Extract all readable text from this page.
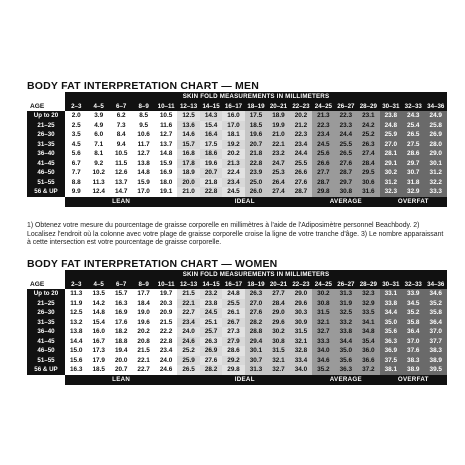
BODY FAT INTERPRETATION CHART — MEN
	SKIN FOLD MEASUREMENTS IN MILLIMETERS																
AGE	2–3	4–5	6–7	8–9	10–11	12–13	14–15	16–17	18–19	20–21	22–23	24–25	26–27	28–29	30–31	32–33	34–36
Up to 20	2.0	3.9	6.2	8.5	10.5	12.5	14.3	16.0	17.5	18.9	20.2	21.3	22.3	23.1	23.8	24.3	24.9
21–25	2.5	4.9	7.3	9.5	11.6	13.6	15.4	17.0	18.5	19.9	21.2	22.3	23.3	24.2	24.8	25.4	25.8
26–30	3.5	6.0	8.4	10.6	12.7	14.6	16.4	18.1	19.6	21.0	22.3	23.4	24.4	25.2	25.9	26.5	26.9
31–35	4.5	7.1	9.4	11.7	13.7	15.7	17.5	19.2	20.7	22.1	23.4	24.5	25.5	26.3	27.0	27.5	28.0
36–40	5.6	8.1	10.5	12.7	14.8	16.8	18.6	20.2	21.8	23.2	24.4	25.6	26.5	27.4	28.1	28.6	29.0
41–45	6.7	9.2	11.5	13.8	15.9	17.8	19.6	21.3	22.8	24.7	25.5	26.6	27.6	28.4	29.1	29.7	30.1
46–50	7.7	10.2	12.6	14.8	16.9	18.9	20.7	22.4	23.9	25.3	26.6	27.7	28.7	29.5	30.2	30.7	31.2
51–55	8.8	11.3	13.7	15.9	18.0	20.0	21.8	23.4	25.0	26.4	27.6	28.7	29.7	30.6	31.2	31.8	32.2
56 & UP	9.9	12.4	14.7	17.0	19.1	21.0	22.8	24.5	26.0	27.4	28.7	29.8	30.8	31.6	32.3	32.9	33.3
	LEAN					IDEAL						AVERAGE			OVERFAT		
1) Obtenez votre mesure du pourcentage de graisse corporelle en millimètres à l'aide de l'Adiposimètre personnel Beachbody. 2) Localisez l'endroit où la colonne avec votre plage de graisse corporelle croise la ligne de votre tranche d'âge. 3) Le nombre apparaissant à cette intersection est votre pourcentage de graisse corporelle.
BODY FAT INTERPRETATION CHART — WOMEN
	SKIN FOLD MEASUREMENTS IN MILLIMETERS																
AGE	2–3	4–5	6–7	8–9	10–11	12–13	14–15	16–17	18–19	20–21	22–23	24–25	26–27	28–29	30–31	32–33	34–36
Up to 20	11.3	13.5	15.7	17.7	19.7	21.5	23.2	24.8	26.3	27.7	29.0	30.2	31.3	32.3	33.1	33.9	34.6
21–25	11.9	14.2	16.3	18.4	20.3	22.1	23.8	25.5	27.0	28.4	29.6	30.8	31.9	32.9	33.8	34.5	35.2
26–30	12.5	14.8	16.9	19.0	20.9	22.7	24.5	26.1	27.6	29.0	30.3	31.5	32.5	33.5	34.4	35.2	35.8
31–35	13.2	15.4	17.6	19.6	21.5	23.4	25.1	26.7	28.2	29.6	30.9	32.1	33.2	34.1	35.0	35.8	36.4
36–40	13.8	16.0	18.2	20.2	22.2	24.0	25.7	27.3	28.8	30.2	31.5	32.7	33.8	34.8	35.6	36.4	37.0
41–45	14.4	16.7	18.8	20.8	22.8	24.6	26.3	27.9	29.4	30.8	32.1	33.3	34.4	35.4	36.3	37.0	37.7
46–50	15.0	17.3	19.4	21.5	23.4	25.2	26.9	28.6	30.1	31.5	32.8	34.0	35.0	36.0	36.9	37.6	38.3
51–55	15.6	17.9	20.0	22.1	24.0	25.9	27.6	29.2	30.7	32.1	33.4	34.6	35.6	36.6	37.5	38.3	38.9
56 & UP	16.3	18.5	20.7	22.7	24.6	26.5	28.2	29.8	31.3	32.7	34.0	35.2	36.3	37.2	38.1	38.9	39.5
	LEAN					IDEAL						AVERAGE			OVERFAT		
